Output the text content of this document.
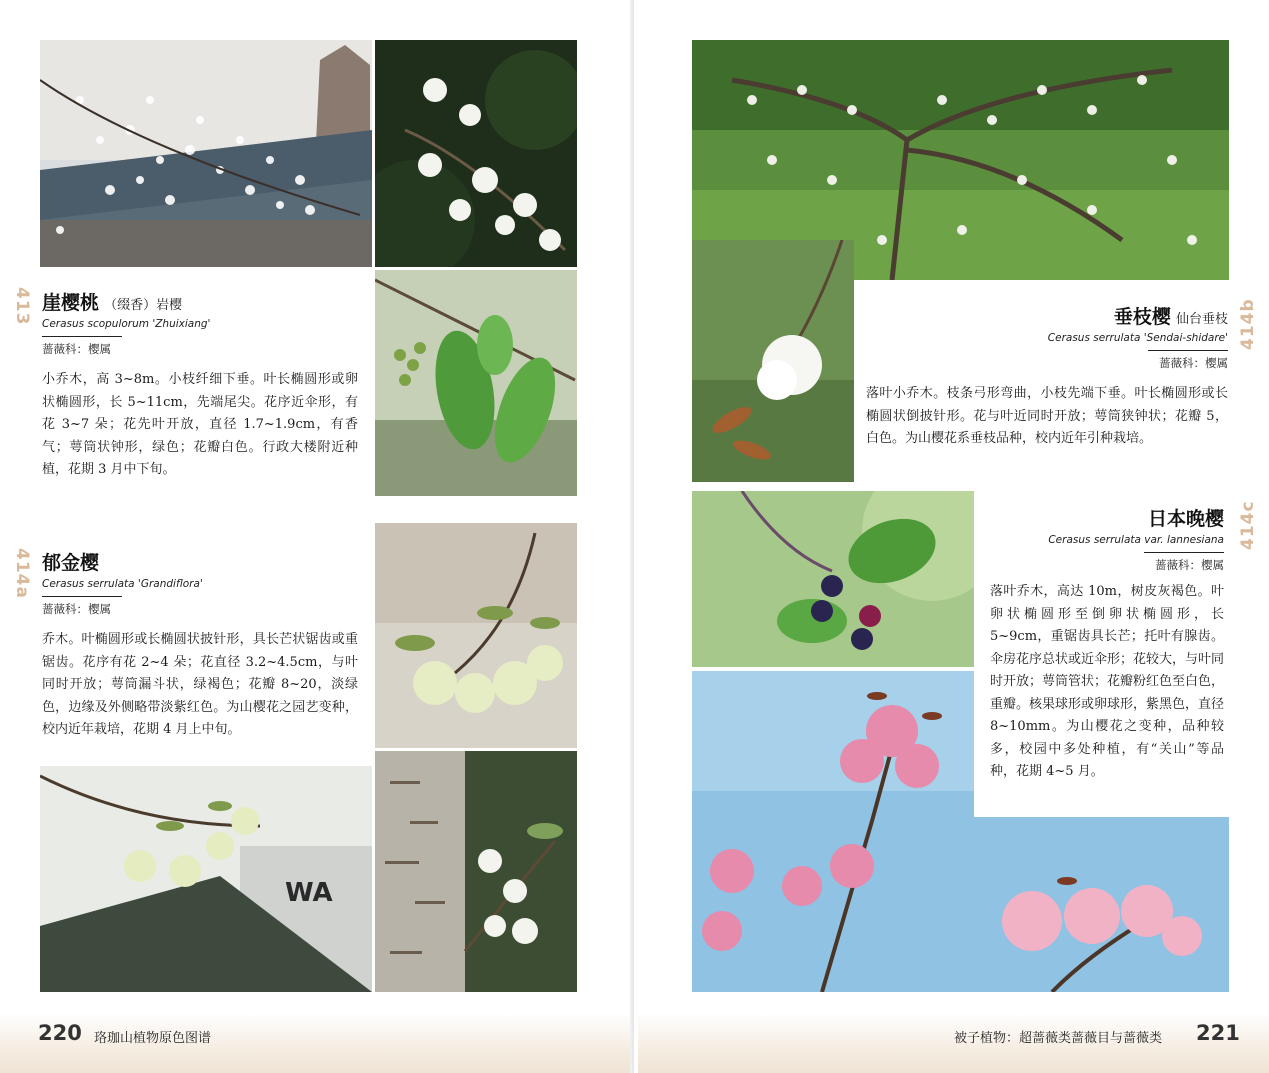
413 崖樱桃 （缀香）岩樱
Cerasus scopulorum 'Zhuixiang'
蔷薇科：樱属
小乔木，高 3~8m。小枝纤细下垂。叶长椭圆形或卵状椭圆形，长 5~11cm，先端尾尖。花序近伞形，有花 3~7 朵；花先叶开放，直径 1.7~1.9cm，有香气；萼筒状钟形，绿色；花瓣白色。行政大楼附近种植，花期 3 月中下旬。
414a 郁金樱
Cerasus serrulata 'Grandiflora'
蔷薇科：樱属
乔木。叶椭圆形或长椭圆状披针形，具长芒状锯齿或重锯齿。花序有花 2~4 朵；花直径 3.2~4.5cm，与叶同时开放；萼筒漏斗状，绿褐色；花瓣 8~20，淡绿色，边缘及外侧略带淡紫红色。为山樱花之园艺变种，校内近年栽培，花期 4 月上中旬。
WA
220 珞珈山植物原色图谱
414b
垂枝樱 仙台垂枝
Cerasus serrulata 'Sendai-shidare'
蔷薇科：樱属
落叶小乔木。枝条弓形弯曲，小枝先端下垂。叶长椭圆形或长椭圆状倒披针形。花与叶近同时开放；萼筒狭钟状；花瓣 5，白色。为山樱花系垂枝品种，校内近年引种栽培。
414c
日本晚樱
Cerasus serrulata var. lannesiana
蔷薇科：樱属
落叶乔木，高达 10m，树皮灰褐色。叶卵状椭圆形至倒卵状椭圆形，长 5~9cm，重锯齿具长芒；托叶有腺齿。伞房花序总状或近伞形；花较大，与叶同时开放；萼筒管状；花瓣粉红色至白色，重瓣。核果球形或卵球形，紫黑色，直径 8~10mm。为山樱花之变种，品种较多，校园中多处种植，有“关山”等品种，花期 4~5 月。
被子植物：超蔷薇类蔷薇目与蔷薇类 221
